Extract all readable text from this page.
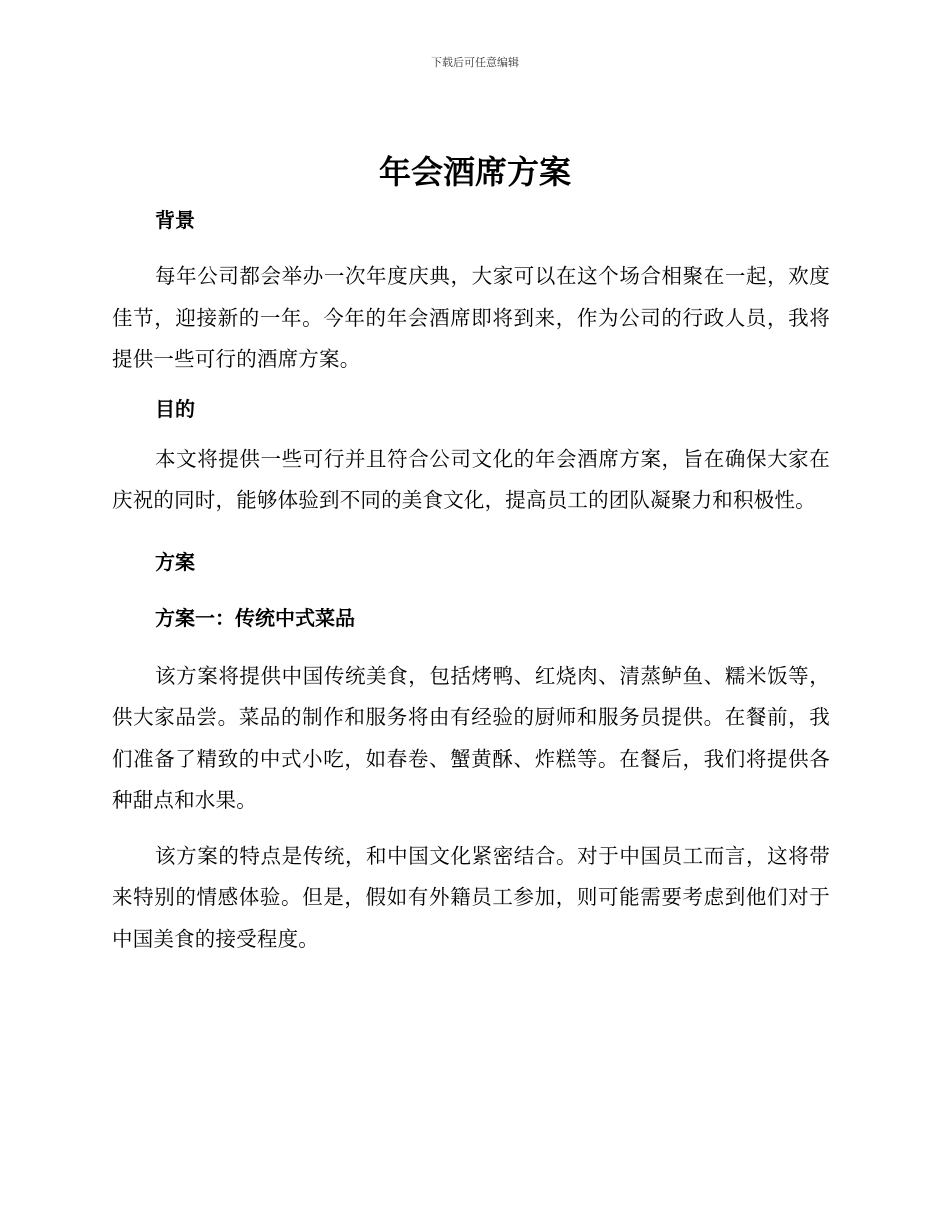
下载后可任意编辑
年会酒席方案
背景
每年公司都会举办一次年度庆典，大家可以在这个场合相聚在一起，欢度佳节，迎接新的一年。今年的年会酒席即将到来，作为公司的行政人员，我将提供一些可行的酒席方案。
目的
本文将提供一些可行并且符合公司文化的年会酒席方案，旨在确保大家在庆祝的同时，能够体验到不同的美食文化，提高员工的团队凝聚力和积极性。
方案
方案一：传统中式菜品
该方案将提供中国传统美食，包括烤鸭、红烧肉、清蒸鲈鱼、糯米饭等，供大家品尝。菜品的制作和服务将由有经验的厨师和服务员提供。在餐前，我们准备了精致的中式小吃，如春卷、蟹黄酥、炸糕等。在餐后，我们将提供各种甜点和水果。
该方案的特点是传统，和中国文化紧密结合。对于中国员工而言，这将带来特别的情感体验。但是，假如有外籍员工参加，则可能需要考虑到他们对于中国美食的接受程度。
